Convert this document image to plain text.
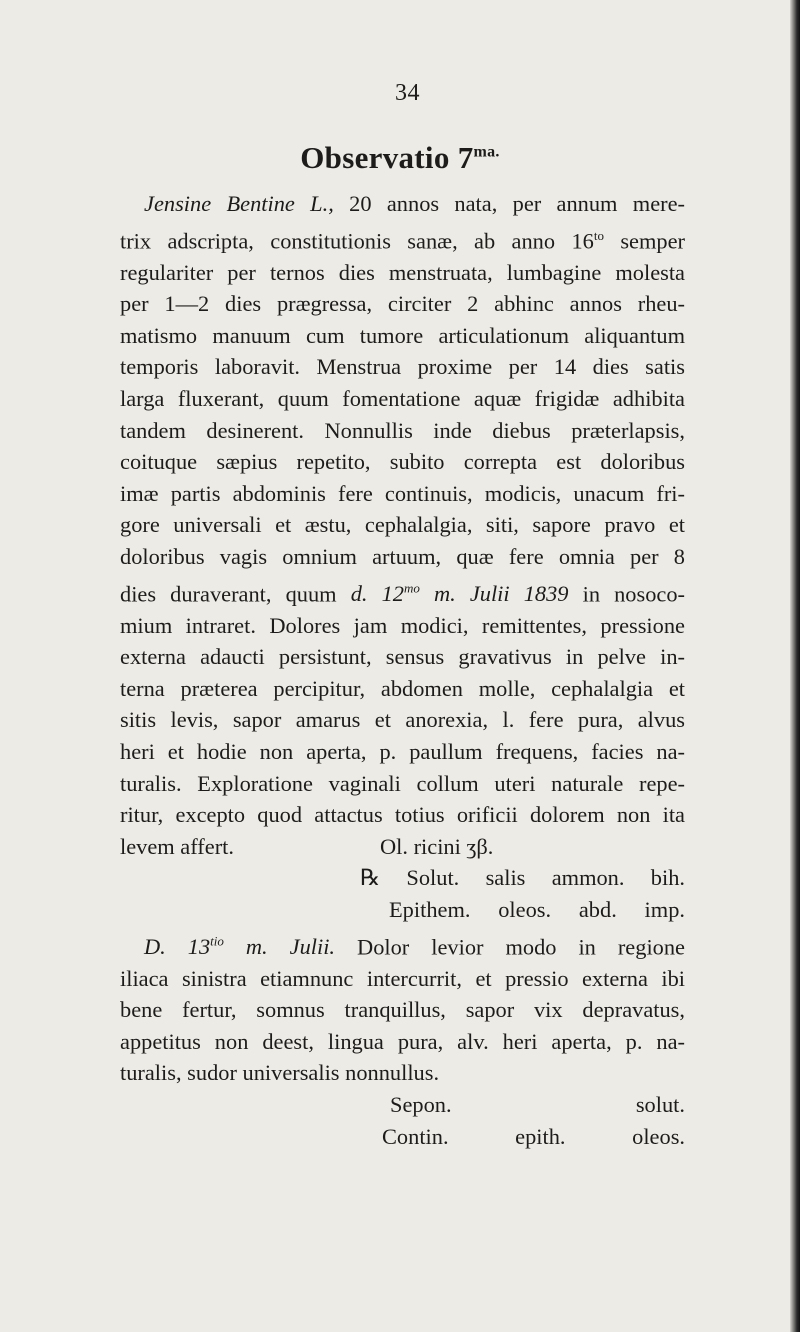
34
Observatio $7^{ma.}$
Jensine Bentine L., 20 annos nata, per annum mere-
trix adscripta, constitutionis sanæ, ab anno $16^{to}$ semper
regulariter per ternos dies menstruata, lumbagine molesta
per 1—2 dies prægressa, circiter 2 abhinc annos rheu-
matismo manuum cum tumore articulationum aliquantum
temporis laboravit. Menstrua proxime per 14 dies satis
larga fluxerant, quum fomentatione aquæ frigidæ adhibita
tandem desinerent. Nonnullis inde diebus præterlapsis,
coituque sæpius repetito, subito correpta est doloribus
imæ partis abdominis fere continuis, modicis, unacum fri-
gore universali et æstu, cephalalgia, siti, sapore pravo et
doloribus vagis omnium artuum, quæ fere omnia per 8
dies duraverant, quum d. $12^{mo}$ m. Julii 1839 in nosoco-
mium intraret. Dolores jam modici, remittentes, pressione
externa adaucti persistunt, sensus gravativus in pelve in-
terna præterea percipitur, abdomen molle, cephalalgia et
sitis levis, sapor amarus et anorexia, l. fere pura, alvus
heri et hodie non aperta, p. paullum frequens, facies na-
turalis. Exploratione vaginali collum uteri naturale repe-
ritur, excepto quod attactus totius orificii dolorem non ita
levem affert.	Ol. ricini ʒβ.
℞ Solut. salis ammon. bih.
Epithem. oleos. abd. imp.
D. $13^{tio}$ m. Julii. Dolor levior modo in regione
iliaca sinistra etiamnunc intercurrit, et pressio externa ibi
bene fertur, somnus tranquillus, sapor vix depravatus,
appetitus non deest, lingua pura, alv. heri aperta, p. na-
turalis, sudor universalis nonnullus.
Sepon. solut.
Contin. epith. oleos.
